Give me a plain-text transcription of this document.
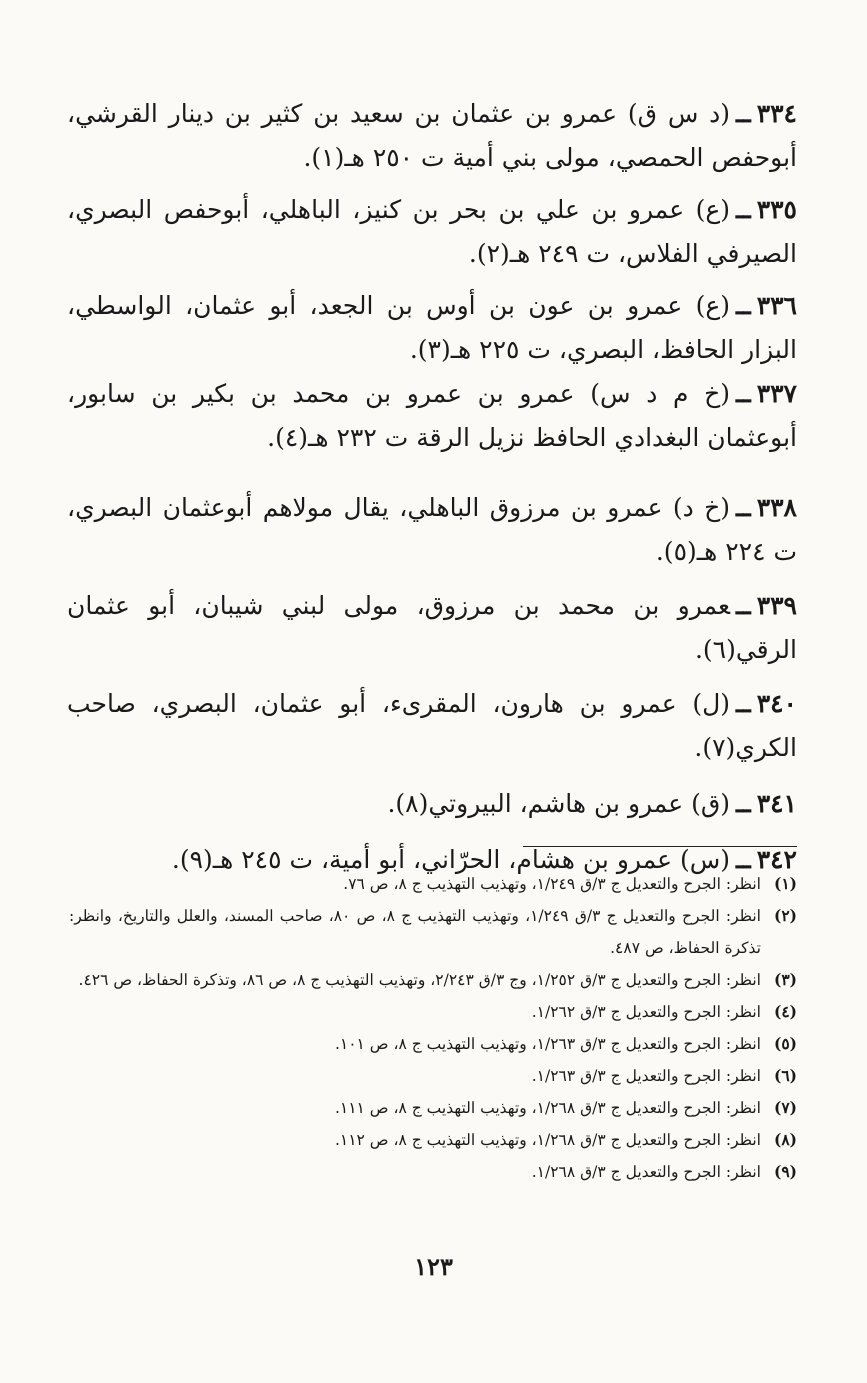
٣٣٤ــ(د س ق) عمرو بن عثمان بن سعيد بن كثير بن دينار القرشي، أبوحفص الحمصي، مولى بني أمية ت ٢٥٠ هـ(١).
٣٣٥ــ(ع) عمرو بن علي بن بحر بن كنيز، الباهلي، أبوحفص البصري، الصيرفي الفلاس، ت ٢٤٩ هـ(٢).
٣٣٦ــ(ع) عمرو بن عون بن أوس بن الجعد، أبو عثمان، الواسطي، البزار الحافظ، البصري، ت ٢٢٥ هـ(٣).
٣٣٧ــ(خ م د س) عمرو بن عمرو بن محمد بن بكير بن سابور، أبوعثمان البغدادي الحافظ نزيل الرقة ت ٢٣٢ هـ(٤).
٣٣٨ــ(خ د) عمرو بن مرزوق الباهلي، يقال مولاهم أبوعثمان البصري، ت ٢٢٤ هـ(٥).
٣٣٩ــعمرو بن محمد بن مرزوق، مولى لبني شيبان، أبو عثمان الرقي(٦).
٣٤٠ــ(ل) عمرو بن هارون، المقرىء، أبو عثمان، البصري، صاحب الكري(٧).
٣٤١ــ(ق) عمرو بن هاشم، البيروتي(٨).
٣٤٢ــ(س) عمرو بن هشام، الحرّاني، أبو أمية، ت ٢٤٥ هـ(٩).
(١)
انظر: الجرح والتعديل ج ٣/ق ١/٢٤٩، وتهذيب التهذيب ج ٨، ص ٧٦.
(٢)
انظر: الجرح والتعديل ج ٣/ق ١/٢٤٩، وتهذيب التهذيب ج ٨، ص ٨٠، صاحب المسند، والعلل والتاريخ، وانظر: تذكرة الحفاظ، ص ٤٨٧.
(٣)
انظر: الجرح والتعديل ج ٣/ق ١/٢٥٢، وج ٣/ق ٢/٢٤٣، وتهذيب التهذيب ج ٨، ص ٨٦، وتذكرة الحفاظ، ص ٤٢٦.
(٤)
انظر: الجرح والتعديل ج ٣/ق ١/٢٦٢.
(٥)
انظر: الجرح والتعديل ج ٣/ق ١/٢٦٣، وتهذيب التهذيب ج ٨، ص ١٠١.
(٦)
انظر: الجرح والتعديل ج ٣/ق ١/٢٦٣.
(٧)
انظر: الجرح والتعديل ج ٣/ق ١/٢٦٨، وتهذيب التهذيب ج ٨، ص ١١١.
(٨)
انظر: الجرح والتعديل ج ٣/ق ١/٢٦٨، وتهذيب التهذيب ج ٨، ص ١١٢.
(٩)
انظر: الجرح والتعديل ج ٣/ق ١/٢٦٨.
١٢٣
